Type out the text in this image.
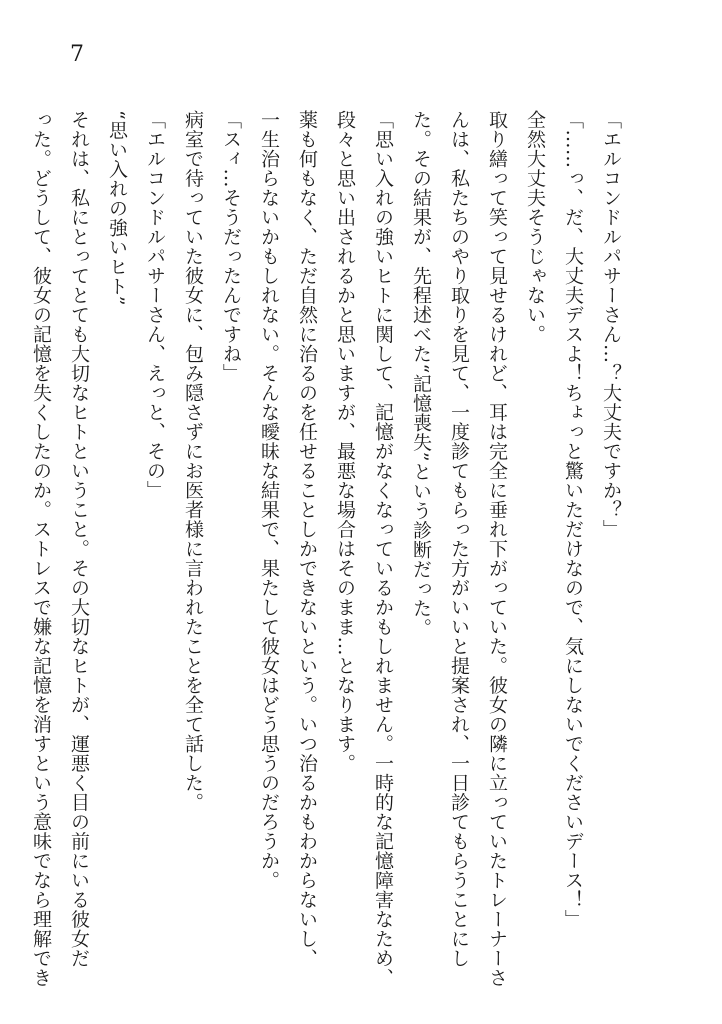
7
「エルコンドルパサーさん…？大丈夫ですか？」
「……っ、だ、大丈夫デスよ！ちょっと驚いただけなので、気にしないでくださいデース！」
全然大丈夫そうじゃない。
取り繕って笑って見せるけれど、耳は完全に垂れ下がっていた。彼女の隣に立っていたトレーナーさ
んは、私たちのやり取りを見て、一度診てもらった方がいいと提案され、一日診てもらうことにし
た。その結果が、先程述べた“記憶喪失”という診断だった。
「思い入れの強いヒトに関して、記憶がなくなっているかもしれません。一時的な記憶障害なため、
段々と思い出されるかと思いますが、最悪な場合はそのまま…となります。
薬も何もなく、ただ自然に治るのを任せることしかできないという。いつ治るかもわからないし、
一生治らないかもしれない。そんな曖昧な結果で、果たして彼女はどう思うのだろうか。
「スィ…そうだったんですね」
病室で待っていた彼女に、包み隠さずにお医者様に言われたことを全て話した。
「エルコンドルパサーさん、えっと、その」
“思い入れの強いヒト”
それは、私にとってとても大切なヒトということ。その大切なヒトが、運悪く目の前にいる彼女だ
った。どうして、彼女の記憶を失くしたのか。ストレスで嫌な記憶を消すという意味でなら理解でき
